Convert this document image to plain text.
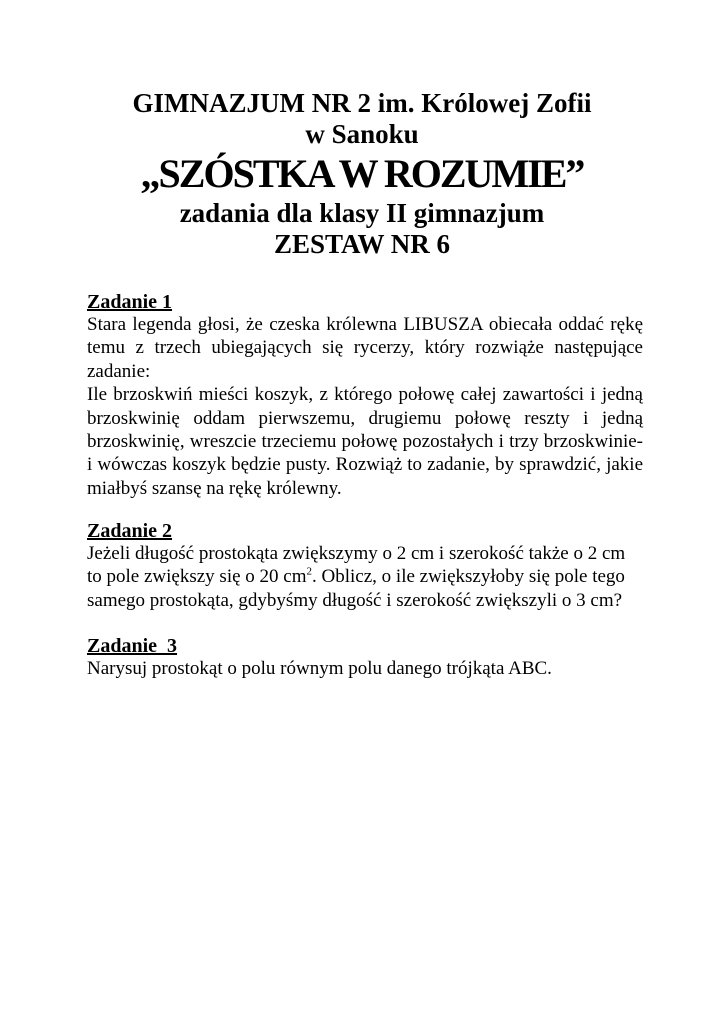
GIMNAZJUM NR 2 im. Królowej Zofii
w Sanoku
„SZÓSTKA W ROZUMIE”
zadania dla klasy II gimnazjum
ZESTAW NR 6
Zadanie 1

Stara legenda głosi, że czeska królewna LIBUSZA obiecała oddać rękę temu z trzech ubiegających się rycerzy, który rozwiąże następujące zadanie:

Ile brzoskwiń mieści koszyk, z którego połowę całej zawartości i jedną brzoskwinię oddam pierwszemu, drugiemu połowę reszty i jedną brzoskwinię, wreszcie trzeciemu połowę pozostałych i trzy brzoskwinie- i wówczas koszyk będzie pusty. Rozwiąż to zadanie, by sprawdzić, jakie miałbyś szansę na rękę królewny.

Zadanie 2
Jeżeli długość prostokąta zwiększymy o 2 cm i szerokość także o 2 cm
to pole zwiększy się o 20 $cm^2$. Oblicz, o ile zwiększyłoby się pole tego
samego prostokąta, gdybyśmy długość i szerokość zwiększyli o 3 cm?
Zadanie  3
Narysuj prostokąt o polu równym polu danego trójkąta ABC.
